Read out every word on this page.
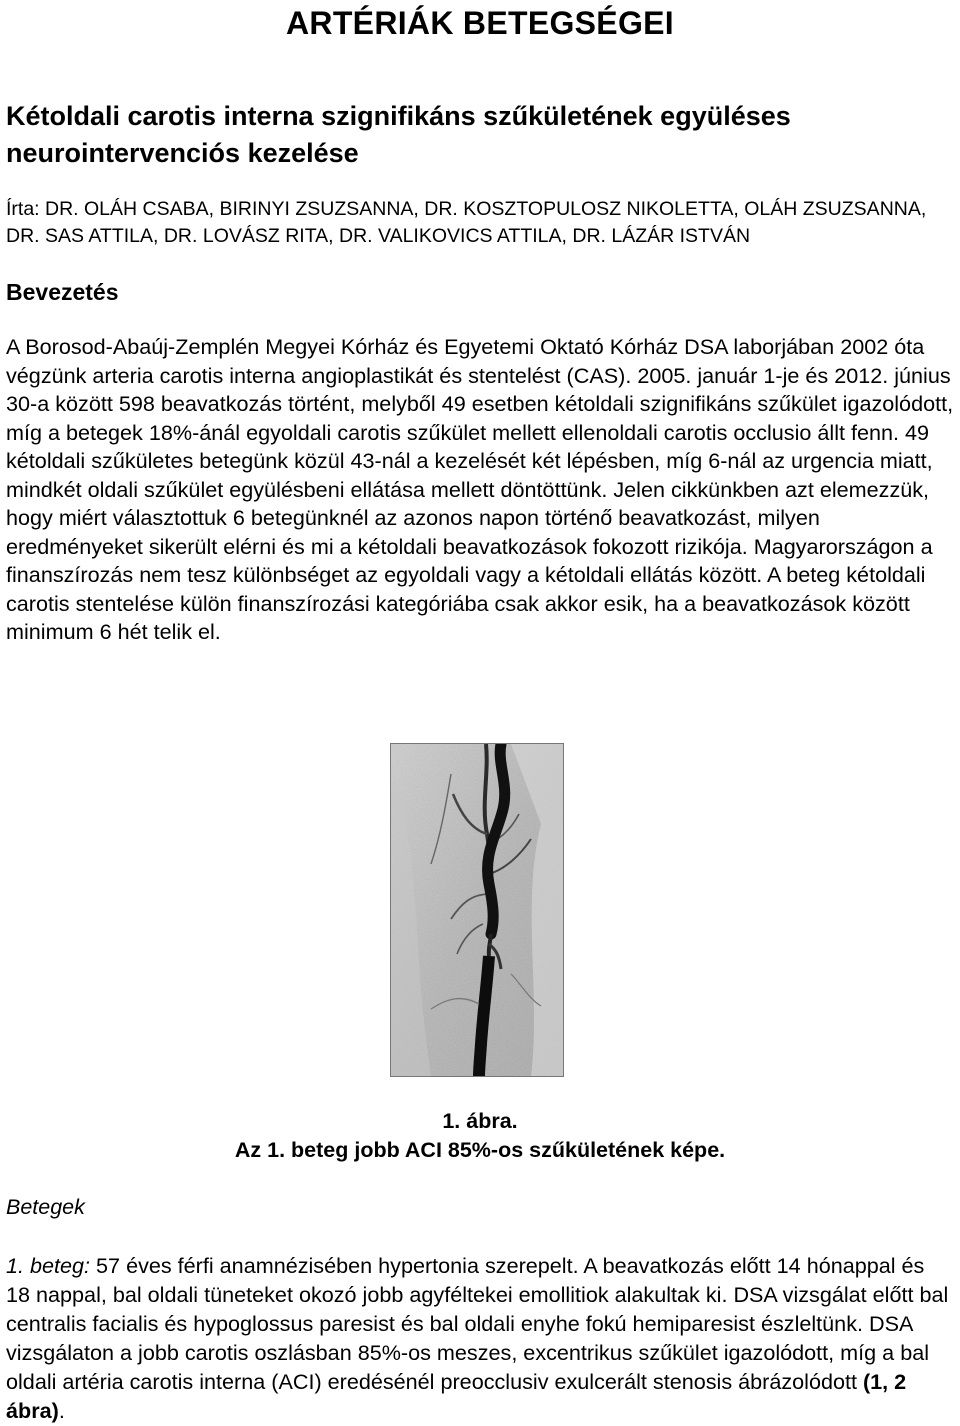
ARTÉRIÁK BETEGSÉGEI
Kétoldali carotis interna szignifikáns szűkületének együléses neurointervenciós kezelése
Írta: DR. OLÁH CSABA, BIRINYI ZSUZSANNA, DR. KOSZTOPULOSZ NIKOLETTA, OLÁH ZSUZSANNA, DR. SAS ATTILA, DR. LOVÁSZ RITA, DR. VALIKOVICS ATTILA, DR. LÁZÁR ISTVÁN
Bevezetés
A Borosod-Abaúj-Zemplén Megyei Kórház és Egyetemi Oktató Kórház DSA laborjában 2002 óta végzünk arteria carotis interna angioplastikát és stentelést (CAS). 2005. január 1-je és 2012. június 30-a között 598 beavatkozás történt, melyből 49 esetben kétoldali szignifikáns szűkület igazolódott, míg a betegek 18%-ánál egyoldali carotis szűkület mellett ellenoldali carotis occlusio állt fenn. 49 kétoldali szűkületes betegünk közül 43-nál a kezelését két lépésben, míg 6-nál az urgencia miatt, mindkét oldali szűkület együlésbeni ellátása mellett döntöttünk. Jelen cikkünkben azt elemezzük, hogy miért választottuk 6 betegünknél az azonos napon történő beavatkozást, milyen eredményeket sikerült elérni és mi a kétoldali beavatkozások fokozott rizikója. Magyarországon a finanszírozás nem tesz különbséget az egyoldali vagy a kétoldali ellátás között. A beteg kétoldali carotis stentelése külön finanszírozási kategóriába csak akkor esik, ha a beavatkozások között minimum 6 hét telik el.
1. ábra.
Az 1. beteg jobb ACI 85%-os szűkületének képe.
Betegek
1. beteg: 57 éves férfi anamnézisében hypertonia szerepelt. A beavatkozás előtt 14 hónappal és 18 nappal, bal oldali tüneteket okozó jobb agyféltekei emollitiok alakultak ki. DSA vizsgálat előtt bal centralis facialis és hypoglossus paresist és bal oldali enyhe fokú hemiparesist észleltünk. DSA vizsgálaton a jobb carotis oszlásban 85%-os meszes, excentrikus szűkület igazolódott, míg a bal oldali artéria carotis interna (ACI) eredésénél preocclusiv exulcerált stenosis ábrázolódott (1, 2 ábra).
